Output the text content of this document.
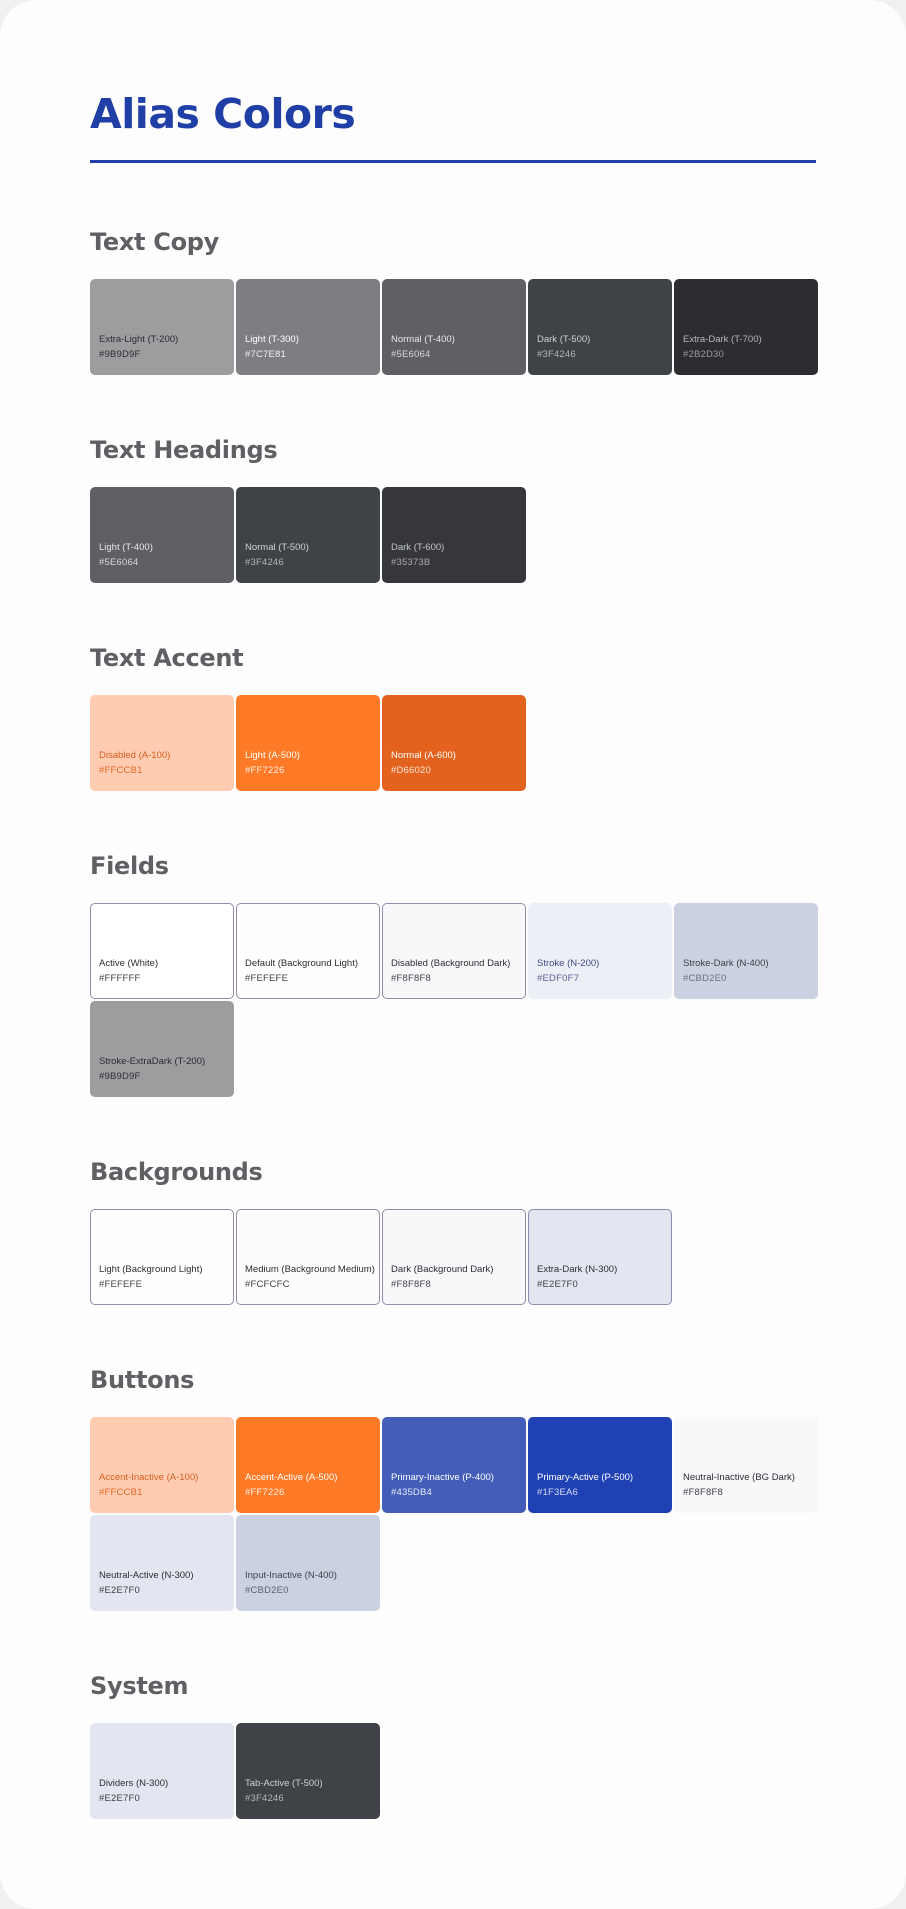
Alias Colors
Text Copy
Extra-Light (T-200)
#9B9D9F
Light (T-300)
#7C7E81
Normal (T-400)
#5E6064
Dark (T-500)
#3F4246
Extra-Dark (T-700)
#2B2D30
Text Headings
Light (T-400)
#5E6064
Normal (T-500)
#3F4246
Dark (T-600)
#35373B
Text Accent
Disabled (A-100)
#FFCCB1
Light (A-500)
#FF7226
Normal (A-600)
#D66020
Fields
Active (White)
#FFFFFF
Default (Background Light)
#FEFEFE
Disabled (Background Dark)
#F8F8F8
Stroke (N-200)
#EDF0F7
Stroke-Dark (N-400)
#CBD2E0
Stroke-ExtraDark (T-200)
#9B9D9F
Backgrounds
Light (Background Light)
#FEFEFE
Medium (Background Medium)
#FCFCFC
Dark (Background Dark)
#F8F8F8
Extra-Dark (N-300)
#E2E7F0
Buttons
Accent-Inactive (A-100)
#FFCCB1
Accent-Active (A-500)
#FF7226
Primary-Inactive (P-400)
#435DB4
Primary-Active (P-500)
#1F3EA6
Neutral-Inactive (BG Dark)
#F8F8F8
Neutral-Active (N-300)
#E2E7F0
Input-Inactive (N-400)
#CBD2E0
System
Dividers (N-300)
#E2E7F0
Tab-Active (T-500)
#3F4246
